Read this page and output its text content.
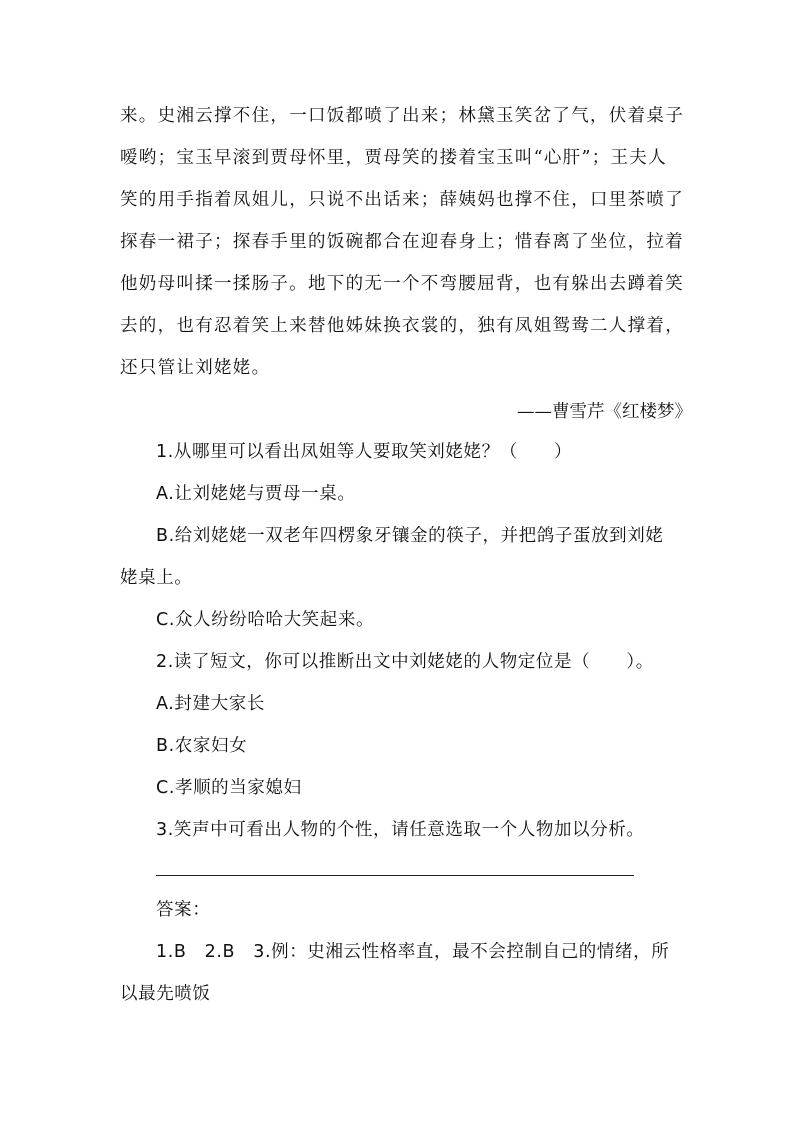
来。史湘云撑不住，一口饭都喷了出来；林黛玉笑岔了气，伏着桌子
嗳哟；宝玉早滚到贾母怀里，贾母笑的搂着宝玉叫“心肝”；王夫人
笑的用手指着凤姐儿，只说不出话来；薛姨妈也撑不住，口里茶喷了
探春一裙子；探春手里的饭碗都合在迎春身上；惜春离了坐位，拉着
他奶母叫揉一揉肠子。地下的无一个不弯腰屈背，也有躲出去蹲着笑
去的，也有忍着笑上来替他姊妹换衣裳的，独有凤姐鸳鸯二人撑着，
还只管让刘姥姥。
——曹雪芹《红楼梦》
1.从哪里可以看出凤姐等人要取笑刘姥姥？（　　）
A.让刘姥姥与贾母一桌。
B.给刘姥姥一双老年四楞象牙镶金的筷子，并把鸽子蛋放到刘姥
姥桌上。
C.众人纷纷哈哈大笑起来。
2.读了短文，你可以推断出文中刘姥姥的人物定位是（　　）。
A.封建大家长
B.农家妇女
C.孝顺的当家媳妇
3.笑声中可看出人物的个性，请任意选取一个人物加以分析。
答案：
1.B　2.B　3.例：史湘云性格率直，最不会控制自己的情绪，所
以最先喷饭
